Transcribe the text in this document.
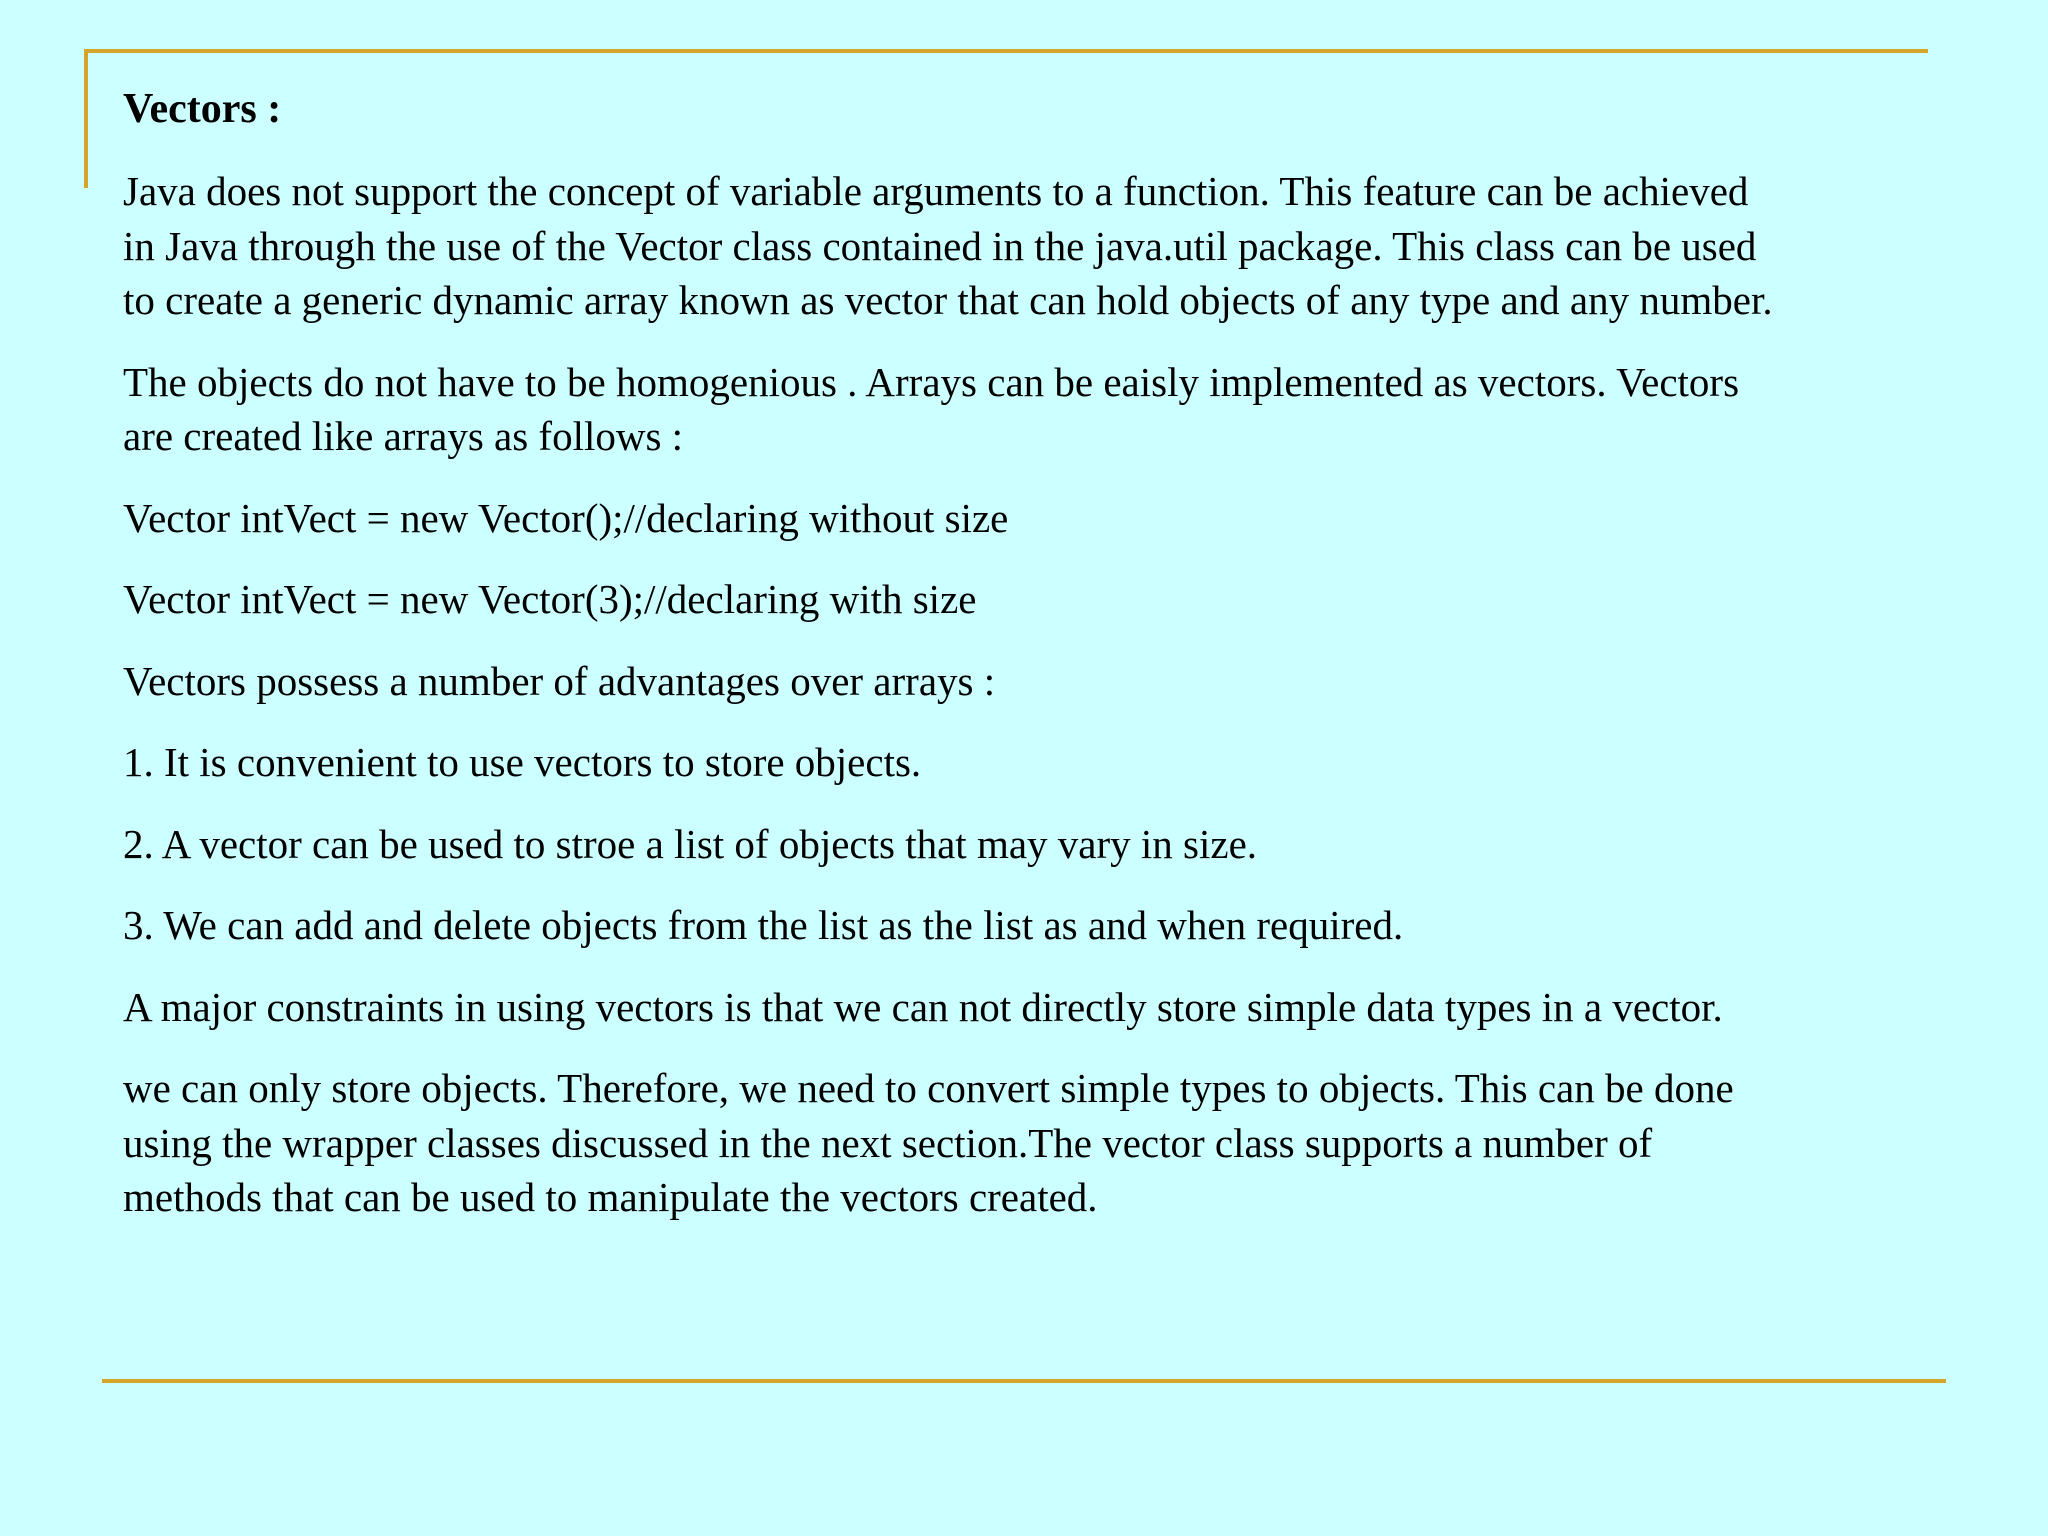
Vectors :

Java does not support the concept of variable arguments to a function. This feature can be achieved
in Java through the use of the Vector class contained in the java.util package. This class can be used
to create a generic dynamic array known as vector that can hold objects of any type and any number.

The objects do not have to be homogenious . Arrays can be eaisly implemented as vectors. Vectors
are created like arrays as follows :

Vector intVect = new Vector();//declaring without size

Vector intVect = new Vector(3);//declaring with size

Vectors possess a number of advantages over arrays :

1. It is convenient to use vectors to store objects.

2. A vector can be used to stroe a list of objects that may vary in size.

3. We can add and delete objects from the list as the list as and when required.

A major constraints in using vectors is that we can not directly store simple data types in a vector.

we can only store objects. Therefore, we need to convert simple types to objects. This can be done
using the wrapper classes discussed in the next section.The vector class supports a number of
methods that can be used to manipulate the vectors created.
